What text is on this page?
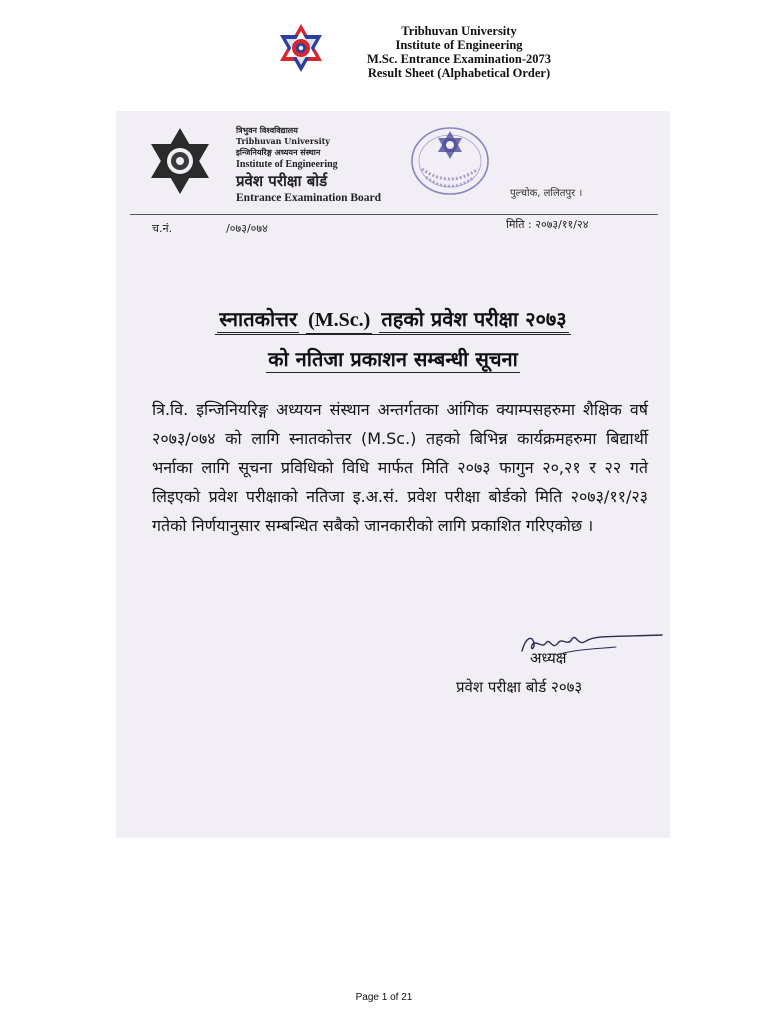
Tribhuvan University
Institute of Engineering
M.Sc. Entrance Examination-2073
Result Sheet (Alphabetical Order)
त्रिभुवन विश्वविद्यालय
Tribhuvan University
इन्जिनियरिङ्ग अध्ययन संस्थान
Institute of Engineering
प्रवेश परीक्षा बोर्ड
Entrance Examination Board	पुल्चोक, ललितपुर ।
च.नं.	/०७३/०७४	मिति : २०७३/११/२४
स्नातकोत्तर (M.Sc.) तहको प्रवेश परीक्षा २०७३
को नतिजा प्रकाशन सम्बन्धी सूचना
त्रि.वि. इन्जिनियरिङ्ग अध्ययन संस्थान अन्तर्गतका आंगिक क्याम्पसहरुमा शैक्षिक वर्ष २०७३/०७४ को लागि स्नातकोत्तर (M.Sc.) तहको बिभिन्न कार्यक्रमहरुमा बिद्यार्थी भर्नाका लागि सूचना प्रविधिको विधि मार्फत मिति २०७३ फागुन २०,२१ र २२ गते लिइएको प्रवेश परीक्षाको नतिजा इ.अ.सं. प्रवेश परीक्षा बोर्डको मिति २०७३/११/२३ गतेको निर्णयानुसार सम्बन्धित सबैको जानकारीको लागि प्रकाशित गरिएकोछ ।
अध्यक्ष
प्रवेश परीक्षा बोर्ड २०७३
Page 1 of 21
